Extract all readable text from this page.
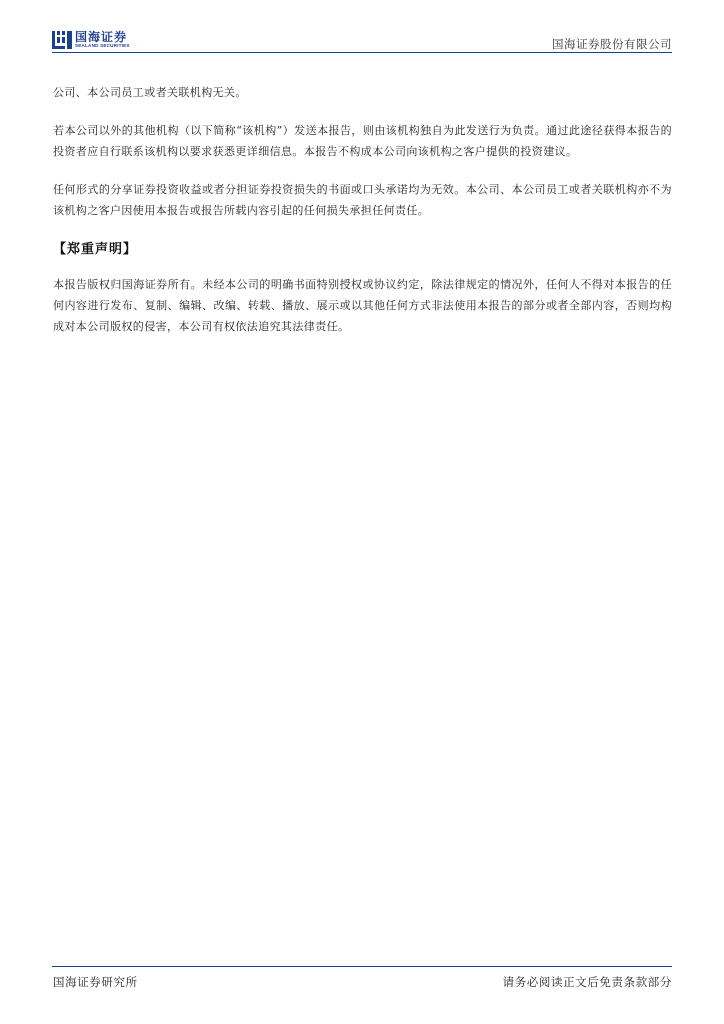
国海证券
SEALAND SECURITIES	国海证券股份有限公司

公司、本公司员工或者关联机构无关。

若本公司以外的其他机构（以下简称“该机构”）发送本报告，则由该机构独自为此发送行为负责。通过此途径获得本报告的投资者应自行联系该机构以要求获悉更详细信息。本报告不构成本公司向该机构之客户提供的投资建议。

任何形式的分享证券投资收益或者分担证券投资损失的书面或口头承诺均为无效。本公司、本公司员工或者关联机构亦不为该机构之客户因使用本报告或报告所载内容引起的任何损失承担任何责任。

【郑重声明】

本报告版权归国海证券所有。未经本公司的明确书面特别授权或协议约定，除法律规定的情况外，任何人不得对本报告的任何内容进行发布、复制、编辑、改编、转载、播放、展示或以其他任何方式非法使用本报告的部分或者全部内容，否则均构成对本公司版权的侵害，本公司有权依法追究其法律责任。

国海证券研究所	请务必阅读正文后免责条款部分
